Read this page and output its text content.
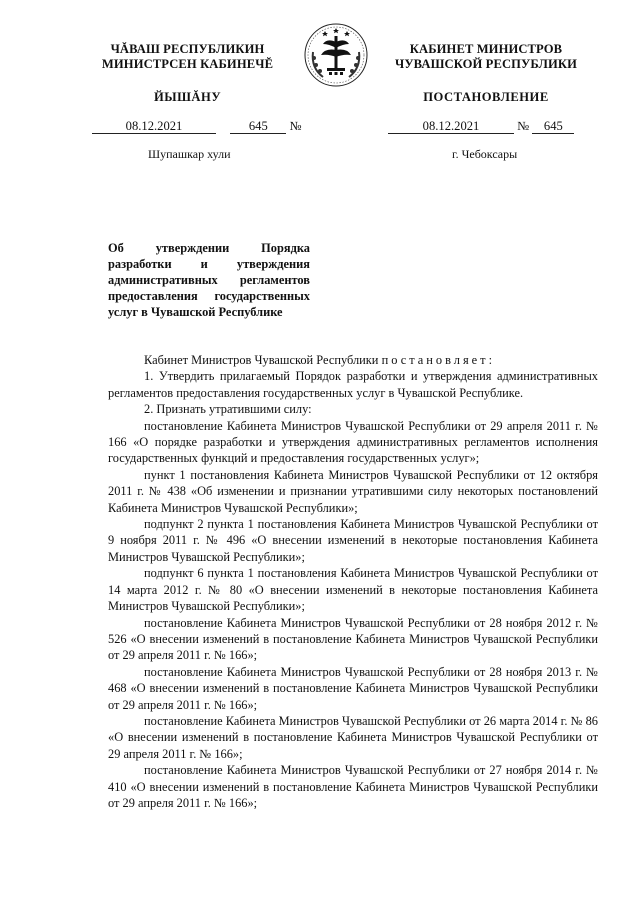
ЧĂВАШ РЕСПУБЛИКИН
МИНИСТРСЕН КАБИНЕЧĔ
КАБИНЕТ МИНИСТРОВ
ЧУВАШСКОЙ РЕСПУБЛИКИ
ЙЫШĂНУ	ПОСТАНОВЛЕНИЕ
08.12.2021	645 №	08.12.2021	№ 645
Шупашкар хули	г. Чебоксары
Об утверждении Порядка разработки и утверждения административных регламентов предоставления государственных услуг в Чувашской Республике

Кабинет Министров Чувашской Республики постановляет:

1. Утвердить прилагаемый Порядок разработки и утверждения административных регламентов предоставления государственных услуг в Чувашской Республике.

2. Признать утратившими силу:

постановление Кабинета Министров Чувашской Республики от 29 апреля 2011 г. № 166 «О порядке разработки и утверждения административных регламентов исполнения государственных функций и предоставления государственных услуг»;

пункт 1 постановления Кабинета Министров Чувашской Республики от 12 октября 2011 г. № 438 «Об изменении и признании утратившими силу некоторых постановлений Кабинета Министров Чувашской Республики»;

подпункт 2 пункта 1 постановления Кабинета Министров Чувашской Республики от 9 ноября 2011 г. № 496 «О внесении изменений в некоторые постановления Кабинета Министров Чувашской Республики»;

подпункт 6 пункта 1 постановления Кабинета Министров Чувашской Республики от 14 марта 2012 г. № 80 «О внесении изменений в некоторые постановления Кабинета Министров Чувашской Республики»;

постановление Кабинета Министров Чувашской Республики от 28 ноября 2012 г. № 526 «О внесении изменений в постановление Кабинета Министров Чувашской Республики от 29 апреля 2011 г. № 166»;

постановление Кабинета Министров Чувашской Республики от 28 ноября 2013 г. № 468 «О внесении изменений в постановление Кабинета Министров Чувашской Республики от 29 апреля 2011 г. № 166»;

постановление Кабинета Министров Чувашской Республики от 26 марта 2014 г. № 86 «О внесении изменений в постановление Кабинета Министров Чувашской Республики от 29 апреля 2011 г. № 166»;

постановление Кабинета Министров Чувашской Республики от 27 ноября 2014 г. № 410 «О внесении изменений в постановление Кабинета Министров Чувашской Республики от 29 апреля 2011 г. № 166»;
